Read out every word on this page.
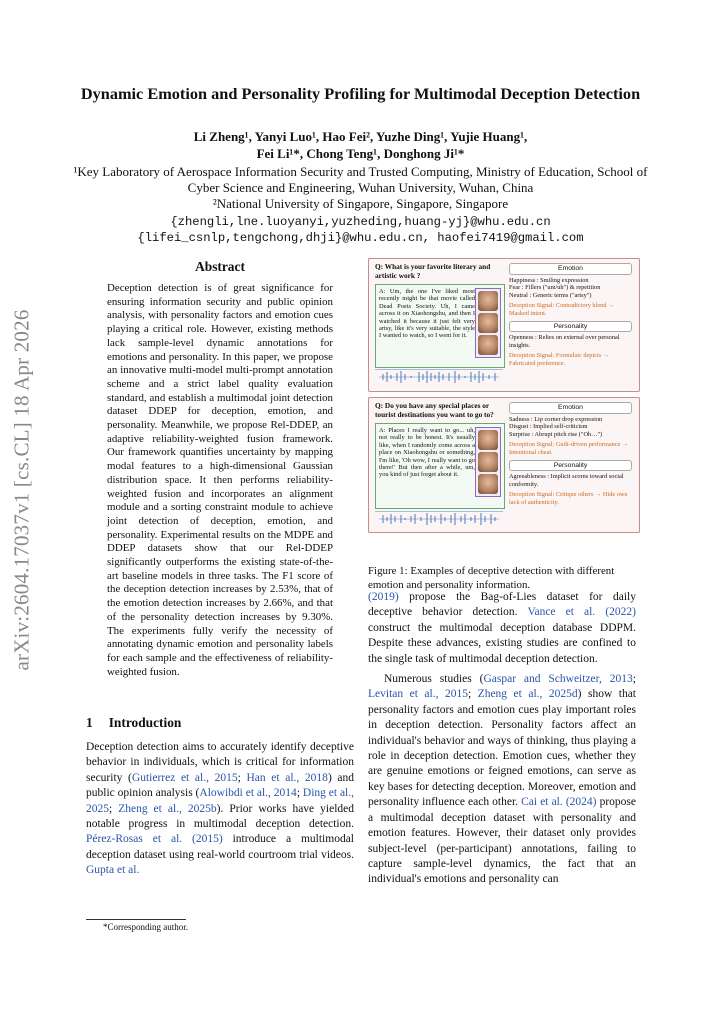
arXiv:2604.17037v1 [cs.CL] 18 Apr 2026
Dynamic Emotion and Personality Profiling for Multimodal Deception Detection
Li Zheng¹, Yanyi Luo¹, Hao Fei², Yuzhe Ding¹, Yujie Huang¹,
Fei Li¹*, Chong Teng¹, Donghong Ji¹*
¹Key Laboratory of Aerospace Information Security and Trusted Computing, Ministry of Education, School of Cyber Science and Engineering, Wuhan University, Wuhan, China
²National University of Singapore, Singapore, Singapore
{zhengli,lne.luoyanyi,yuzheding,huang-yj}@whu.edu.cn
{lifei_csnlp,tengchong,dhji}@whu.edu.cn, haofei7419@gmail.com
Abstract
Deception detection is of great significance for ensuring information security and public opinion analysis, with personality factors and emotion cues playing a critical role. However, existing methods lack sample-level dynamic annotations for emotions and personality. In this paper, we propose an innovative multi-model multi-prompt annotation scheme and a strict label quality evaluation standard, and establish a multimodal joint detection dataset DDEP for deception, emotion, and personality. Meanwhile, we propose Rel-DDEP, an adaptive reliability-weighted fusion framework. Our framework quantifies uncertainty by mapping modal features to a high-dimensional Gaussian distribution space. It then performs reliability-weighted fusion and incorporates an alignment module and a sorting constraint module to achieve joint detection of deception, emotion, and personality. Experimental results on the MDPE and DDEP datasets show that our Rel-DDEP significantly outperforms the existing state-of-the-art baseline models in three tasks. The F1 score of the deception detection increases by 2.53%, that of the emotion detection increases by 2.66%, and that of the personality detection increases by 9.30%. The experiments fully verify the necessity of annotating dynamic emotion and personality labels for each sample and the effectiveness of reliability-weighted fusion.
1 Introduction
Deception detection aims to accurately identify deceptive behavior in individuals, which is critical for information security (Gutierrez et al., 2015; Han et al., 2018) and public opinion analysis (Alowibdi et al., 2014; Ding et al., 2025; Zheng et al., 2025b). Prior works have yielded notable progress in multimodal deception detection. Pérez-Rosas et al. (2015) introduce a multimodal deception dataset using real-world courtroom trial videos. Gupta et al.
*Corresponding author.
Q: What is your favorite literary and artistic work ?
A: Um, the one I've liked most recently might be that movie called Dead Poets Society. Uh, I came across it on Xiaohongshu, and then I watched it because it just felt very artsy, like it's very suitable, the style I wanted to watch, so I went for it.
Emotion

Happiness : Smiling expression

Fear : Fillers ("um/uh") & repetition

Neutral : Generic terms ("artsy")

Deception Signal: Contradictory blend → Masked intent.

Personality

Openness : Relies on external over personal insights.

Deception Signal: Formulaic depicts → Fabricated preference.

Q: Do you have any special places or tourist destinations you want to go to?
A: Places I really want to go... uh, not really to be honest. It's usually like, when I randomly come across a place on Xiaohongshu or something, I'm like, 'Oh wow, I really want to go there!' But then after a while, um, you kind of just forget about it.
Emotion

Sadness : Lip corner drop expression

Disgust : Implied self-criticism

Surprise : Abrupt pitch rise ("Oh…")

Deception Signal: Guilt-driven performance → Intentional cheat.

Personality

Agreeableness : Implicit scorns toward social conformity.

Deception Signal: Critique others → Hide own lack of authenticity.

Figure 1: Examples of deceptive detection with different emotion and personality information.

(2019) propose the Bag-of-Lies dataset for daily deceptive behavior detection. Vance et al. (2022) construct the multimodal deception database DDPM. Despite these advances, existing studies are confined to the single task of multimodal deception detection.

Numerous studies (Gaspar and Schweitzer, 2013; Levitan et al., 2015; Zheng et al., 2025d) show that personality factors and emotion cues play important roles in deception detection. Personality factors affect an individual's behavior and ways of thinking, thus playing a role in deception detection. Emotion cues, whether they are genuine emotions or feigned emotions, can serve as key bases for detecting deception. Moreover, emotion and personality influence each other. Cai et al. (2024) propose a multimodal deception dataset with personality and emotion features. However, their dataset only provides subject-level (per-participant) annotations, failing to capture sample-level dynamics, the fact that an individual's emotions and personality can
